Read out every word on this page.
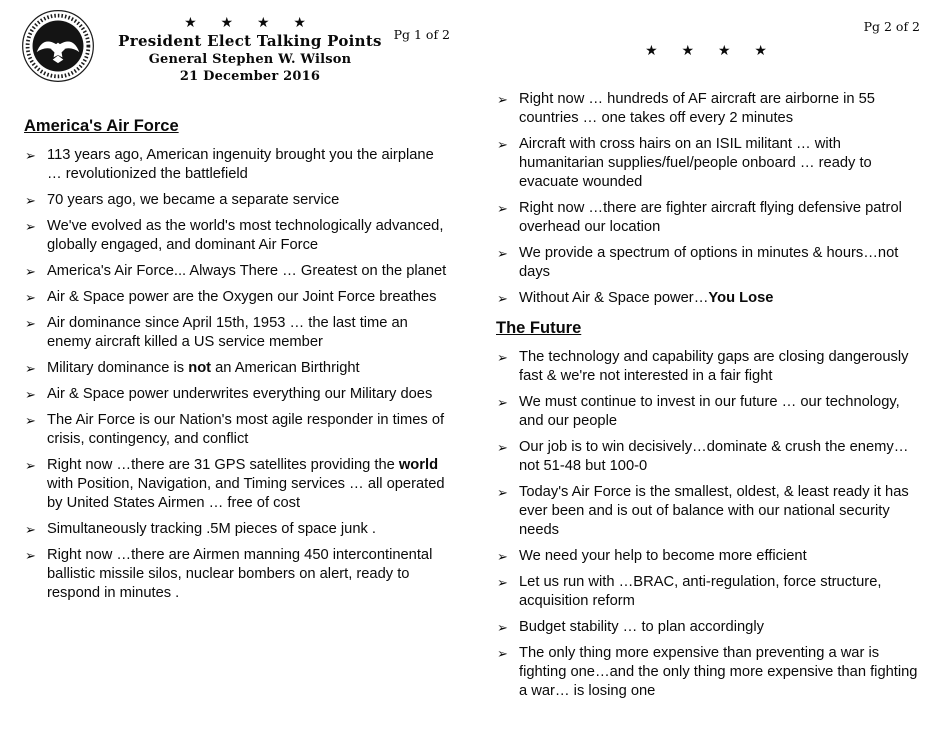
★ ★ ★ ★
President Elect Talking Points
General Stephen W. Wilson
21 December 2016
Pg 1 of 2
America's Air Force
➢ 113 years ago, American ingenuity brought you the airplane … revolutionized the battlefield
➢ 70 years ago, we became a separate service
➢ We've evolved as the world's most technologically advanced, globally engaged, and dominant Air Force
➢ America's Air Force... Always There … Greatest on the planet
➢ Air & Space power are the Oxygen our Joint Force breathes
➢ Air dominance since April 15th, 1953 … the last time an enemy aircraft killed a US service member
➢ Military dominance is not an American Birthright
➢ Air & Space power underwrites everything our Military does
➢ The Air Force is our Nation's most agile responder in times of crisis, contingency, and conflict
➢ Right now …there are 31 GPS satellites providing the world with Position, Navigation, and Timing services … all operated by United States Airmen … free of cost
➢ Simultaneously tracking .5M pieces of space junk .
➢ Right now …there are Airmen manning 450 intercontinental ballistic missile silos, nuclear bombers on alert, ready to respond in minutes .
Pg 2 of 2
★ ★ ★ ★
➢ Right now … hundreds of AF aircraft are airborne in 55 countries … one takes off every 2 minutes
➢ Aircraft with cross hairs on an ISIL militant … with humanitarian supplies/fuel/people onboard … ready to evacuate wounded
➢ Right now …there are fighter aircraft flying defensive patrol overhead our location
➢ We provide a spectrum of options in minutes & hours…not days
➢ Without Air & Space power…You Lose
The Future
➢ The technology and capability gaps are closing dangerously fast & we're not interested in a fair fight
➢ We must continue to invest in our future … our technology, and our people
➢ Our job is to win decisively…dominate & crush the enemy…not 51-48 but 100-0
➢ Today's Air Force is the smallest, oldest, & least ready it has ever been and is out of balance with our national security needs
➢ We need your help to become more efficient
➢ Let us run with …BRAC, anti-regulation, force structure, acquisition reform
➢ Budget stability … to plan accordingly
➢ The only thing more expensive than preventing a war is fighting one…and the only thing more expensive than fighting a war… is losing one
